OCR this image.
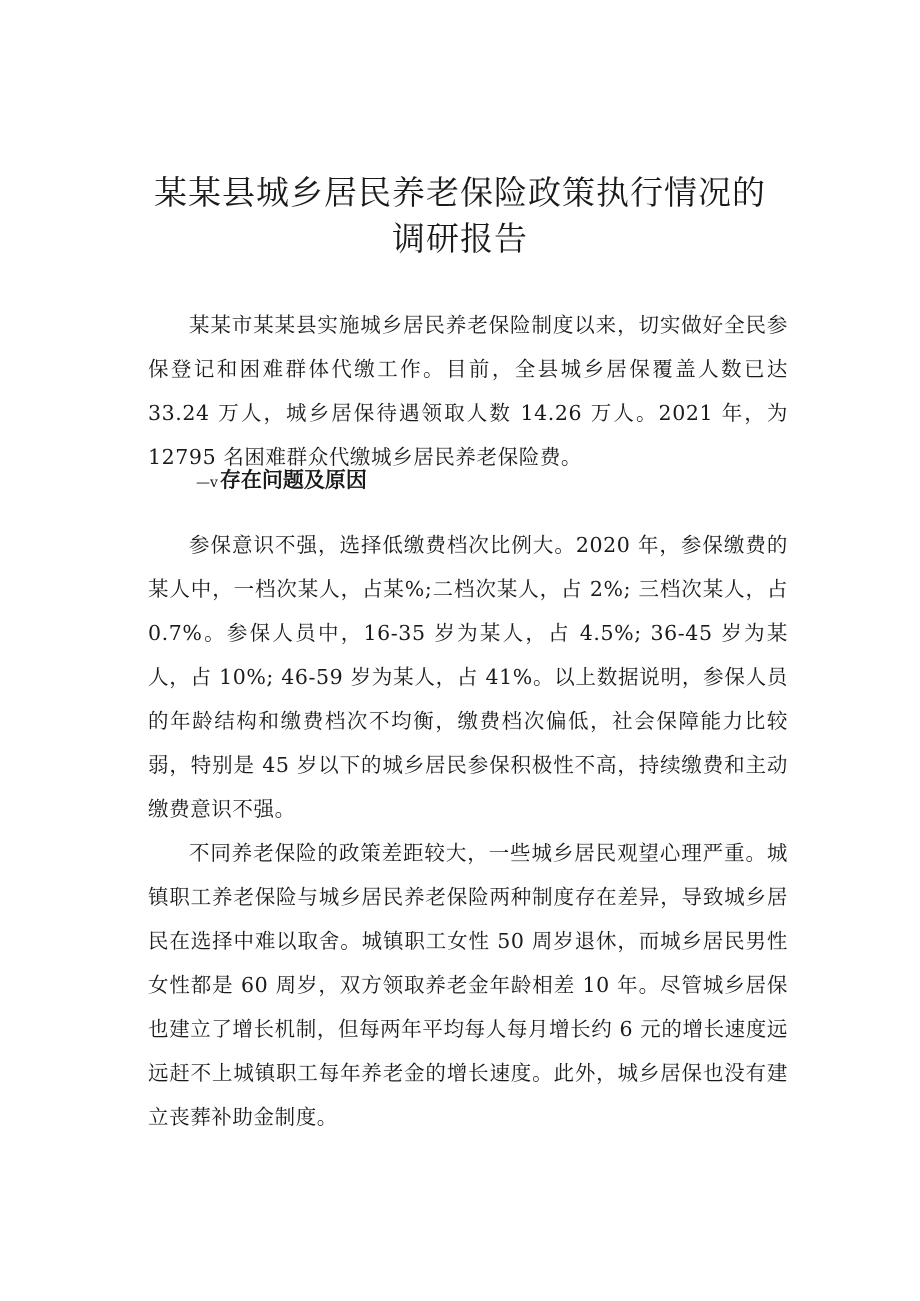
某某县城乡居民养老保险政策执行情况的
调研报告

某某市某某县实施城乡居民养老保险制度以来，切实做好全民参保登记和困难群体代缴工作。目前，全县城乡居保覆盖人数已达 33.24 万人，城乡居保待遇领取人数 14.26 万人。2021 年，为 12795 名困难群众代缴城乡居民养老保险费。

—v存在问题及原因

参保意识不强，选择低缴费档次比例大。2020 年，参保缴费的某人中，一档次某人，占某%;二档次某人，占 2%; 三档次某人，占 0.7%。参保人员中，16-35 岁为某人，占 4.5%; 36-45 岁为某人，占 10%; 46-59 岁为某人，占 41%。以上数据说明，参保人员的年龄结构和缴费档次不均衡，缴费档次偏低，社会保障能力比较弱，特别是 45 岁以下的城乡居民参保积极性不高，持续缴费和主动缴费意识不强。

不同养老保险的政策差距较大，一些城乡居民观望心理严重。城镇职工养老保险与城乡居民养老保险两种制度存在差异，导致城乡居民在选择中难以取舍。城镇职工女性 50 周岁退休，而城乡居民男性女性都是 60 周岁，双方领取养老金年龄相差 10 年。尽管城乡居保也建立了增长机制，但每两年平均每人每月增长约 6 元的增长速度远远赶不上城镇职工每年养老金的增长速度。此外，城乡居保也没有建立丧葬补助金制度。
